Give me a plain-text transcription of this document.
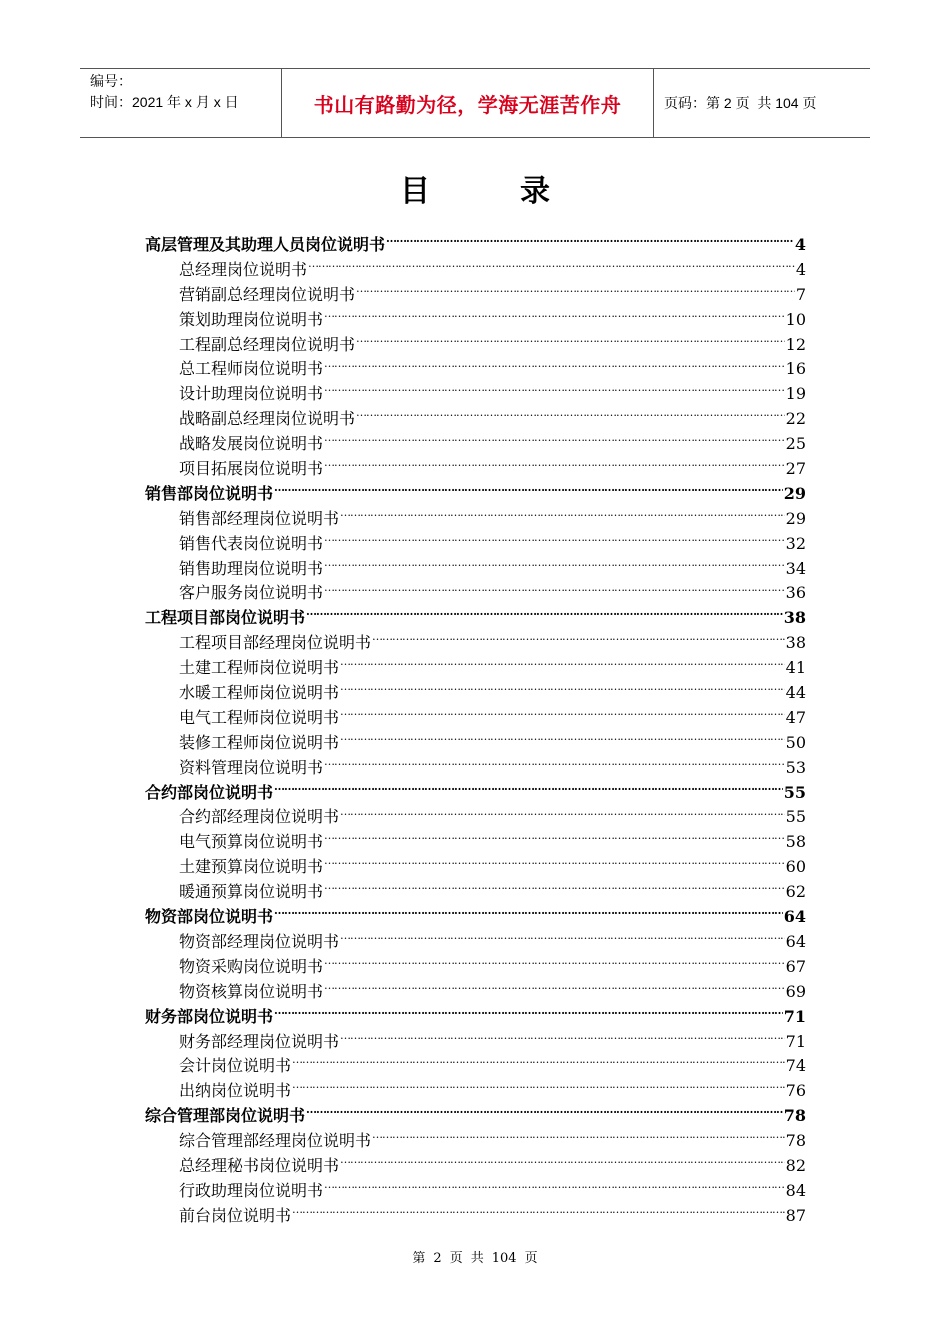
编号：
时间：2021 年 x 月 x 日	书山有路勤为径，学海无涯苦作舟	页码：第 2 页  共 104 页
目	录
高层管理及其助理人员岗位说明书 ……………………………………………………………………………………………………………………………………………………………………………………………………	4
总经理岗位说明书 ……………………………………………………………………………………………………………………………………………………………………………………………………	4
营销副总经理岗位说明书 ……………………………………………………………………………………………………………………………………………………………………………………………………	7
策划助理岗位说明书 ……………………………………………………………………………………………………………………………………………………………………………………………………	10
工程副总经理岗位说明书 ……………………………………………………………………………………………………………………………………………………………………………………………………	12
总工程师岗位说明书 ……………………………………………………………………………………………………………………………………………………………………………………………………	16
设计助理岗位说明书 ……………………………………………………………………………………………………………………………………………………………………………………………………	19
战略副总经理岗位说明书 ……………………………………………………………………………………………………………………………………………………………………………………………………	22
战略发展岗位说明书 ……………………………………………………………………………………………………………………………………………………………………………………………………	25
项目拓展岗位说明书 ……………………………………………………………………………………………………………………………………………………………………………………………………	27
销售部岗位说明书 ……………………………………………………………………………………………………………………………………………………………………………………………………	29
销售部经理岗位说明书 ……………………………………………………………………………………………………………………………………………………………………………………………………	29
销售代表岗位说明书 ……………………………………………………………………………………………………………………………………………………………………………………………………	32
销售助理岗位说明书 ……………………………………………………………………………………………………………………………………………………………………………………………………	34
客户服务岗位说明书 ……………………………………………………………………………………………………………………………………………………………………………………………………	36
工程项目部岗位说明书 ……………………………………………………………………………………………………………………………………………………………………………………………………	38
工程项目部经理岗位说明书 ……………………………………………………………………………………………………………………………………………………………………………………………………	38
土建工程师岗位说明书 ……………………………………………………………………………………………………………………………………………………………………………………………………	41
水暖工程师岗位说明书 ……………………………………………………………………………………………………………………………………………………………………………………………………	44
电气工程师岗位说明书 ……………………………………………………………………………………………………………………………………………………………………………………………………	47
装修工程师岗位说明书 ……………………………………………………………………………………………………………………………………………………………………………………………………	50
资料管理岗位说明书 ……………………………………………………………………………………………………………………………………………………………………………………………………	53
合约部岗位说明书 ……………………………………………………………………………………………………………………………………………………………………………………………………	55
合约部经理岗位说明书 ……………………………………………………………………………………………………………………………………………………………………………………………………	55
电气预算岗位说明书 ……………………………………………………………………………………………………………………………………………………………………………………………………	58
土建预算岗位说明书 ……………………………………………………………………………………………………………………………………………………………………………………………………	60
暖通预算岗位说明书 ……………………………………………………………………………………………………………………………………………………………………………………………………	62
物资部岗位说明书 ……………………………………………………………………………………………………………………………………………………………………………………………………	64
物资部经理岗位说明书 ……………………………………………………………………………………………………………………………………………………………………………………………………	64
物资采购岗位说明书 ……………………………………………………………………………………………………………………………………………………………………………………………………	67
物资核算岗位说明书 ……………………………………………………………………………………………………………………………………………………………………………………………………	69
财务部岗位说明书 ……………………………………………………………………………………………………………………………………………………………………………………………………	71
财务部经理岗位说明书 ……………………………………………………………………………………………………………………………………………………………………………………………………	71
会计岗位说明书 ……………………………………………………………………………………………………………………………………………………………………………………………………	74
出纳岗位说明书 ……………………………………………………………………………………………………………………………………………………………………………………………………	76
综合管理部岗位说明书 ……………………………………………………………………………………………………………………………………………………………………………………………………	78
综合管理部经理岗位说明书 ……………………………………………………………………………………………………………………………………………………………………………………………………	78
总经理秘书岗位说明书 ……………………………………………………………………………………………………………………………………………………………………………………………………	82
行政助理岗位说明书 ……………………………………………………………………………………………………………………………………………………………………………………………………	84
前台岗位说明书 ……………………………………………………………………………………………………………………………………………………………………………………………………	87
第 2 页 共 104 页
